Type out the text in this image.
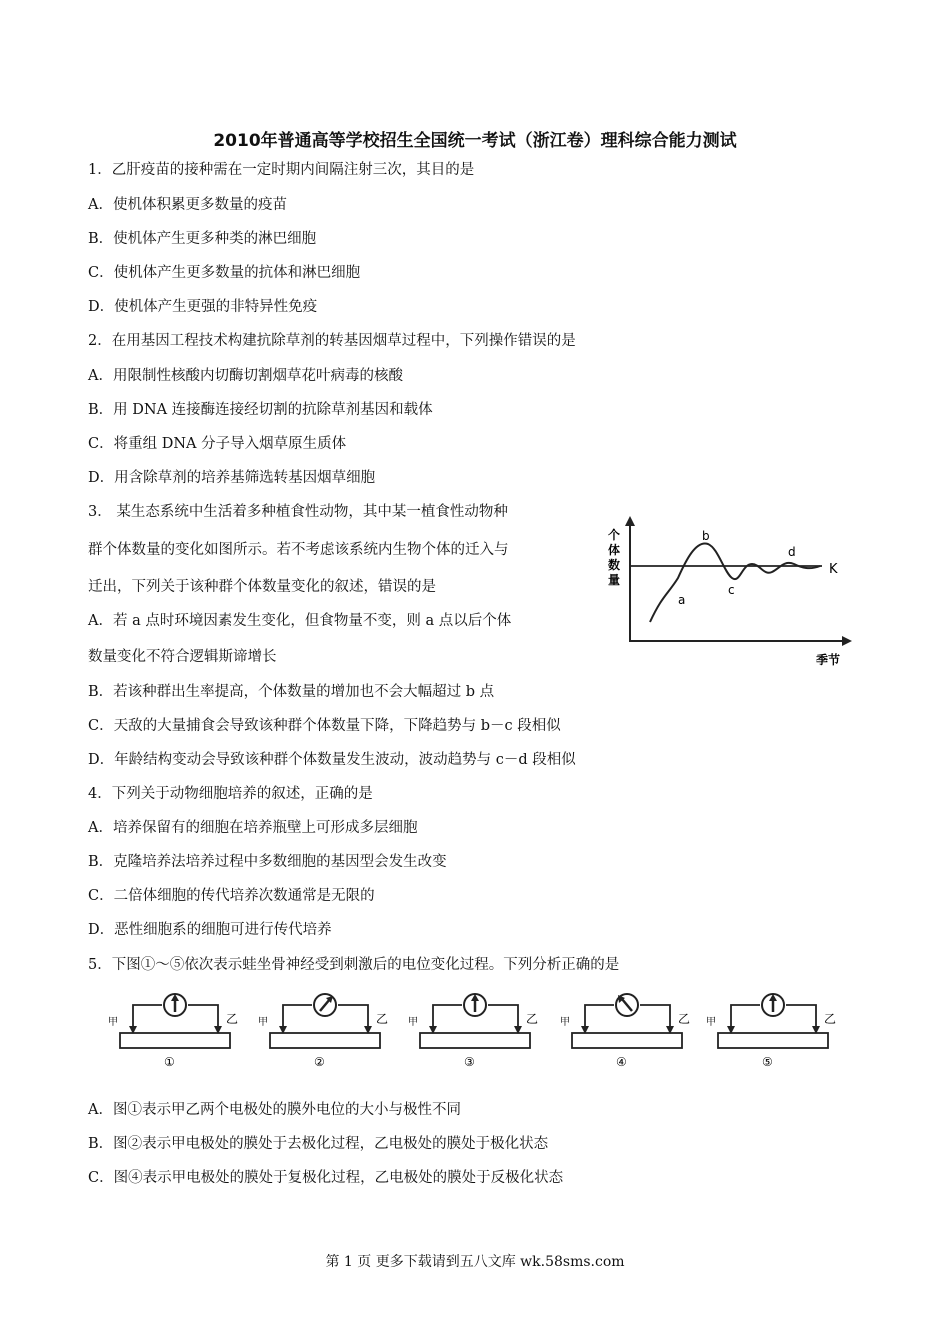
2010年普通高等学校招生全国统一考试（浙江卷）理科综合能力测试
1．乙肝疫苗的接种需在一定时期内间隔注射三次，其目的是
A．使机体积累更多数量的疫苗
B．使机体产生更多种类的淋巴细胞
C．使机体产生更多数量的抗体和淋巴细胞
D．使机体产生更强的非特异性免疫
2．在用基因工程技术构建抗除草剂的转基因烟草过程中，下列操作错误的是
A．用限制性核酸内切酶切割烟草花叶病毒的核酸
B．用 DNA 连接酶连接经切割的抗除草剂基因和载体
C．将重组 DNA 分子导入烟草原生质体
D．用含除草剂的培养基筛选转基因烟草细胞
3． 某生态系统中生活着多种植食性动物，其中某一植食性动物种
群个体数量的变化如图所示。若不考虑该系统内生物个体的迁入与
迁出，下列关于该种群个体数量变化的叙述，错误的是
A．若 a 点时环境因素发生变化，但食物量不变，则 a 点以后个体
数量变化不符合逻辑斯谛增长
B．若该种群出生率提高，个体数量的增加也不会大幅超过 b 点
C．天敌的大量捕食会导致该种群个体数量下降，下降趋势与 b－c 段相似
D．年龄结构变动会导致该种群个体数量发生波动，波动趋势与 c－d 段相似
K
个
体
数
量
季节
a
b
c
d
4．下列关于动物细胞培养的叙述，正确的是
A．培养保留有的细胞在培养瓶壁上可形成多层细胞
B．克隆培养法培养过程中多数细胞的基因型会发生改变
C．二倍体细胞的传代培养次数通常是无限的
D．恶性细胞系的细胞可进行传代培养
5．下图①～⑤依次表示蛙坐骨神经受到刺激后的电位变化过程。下列分析正确的是
甲	乙
①
甲	乙
②
甲	乙
③
甲	乙
④
甲	乙
⑤
A．图①表示甲乙两个电极处的膜外电位的大小与极性不同
B．图②表示甲电极处的膜处于去极化过程，乙电极处的膜处于极化状态
C．图④表示甲电极处的膜处于复极化过程，乙电极处的膜处于反极化状态
第 1 页 更多下载请到五八文库 wk.58sms.com
